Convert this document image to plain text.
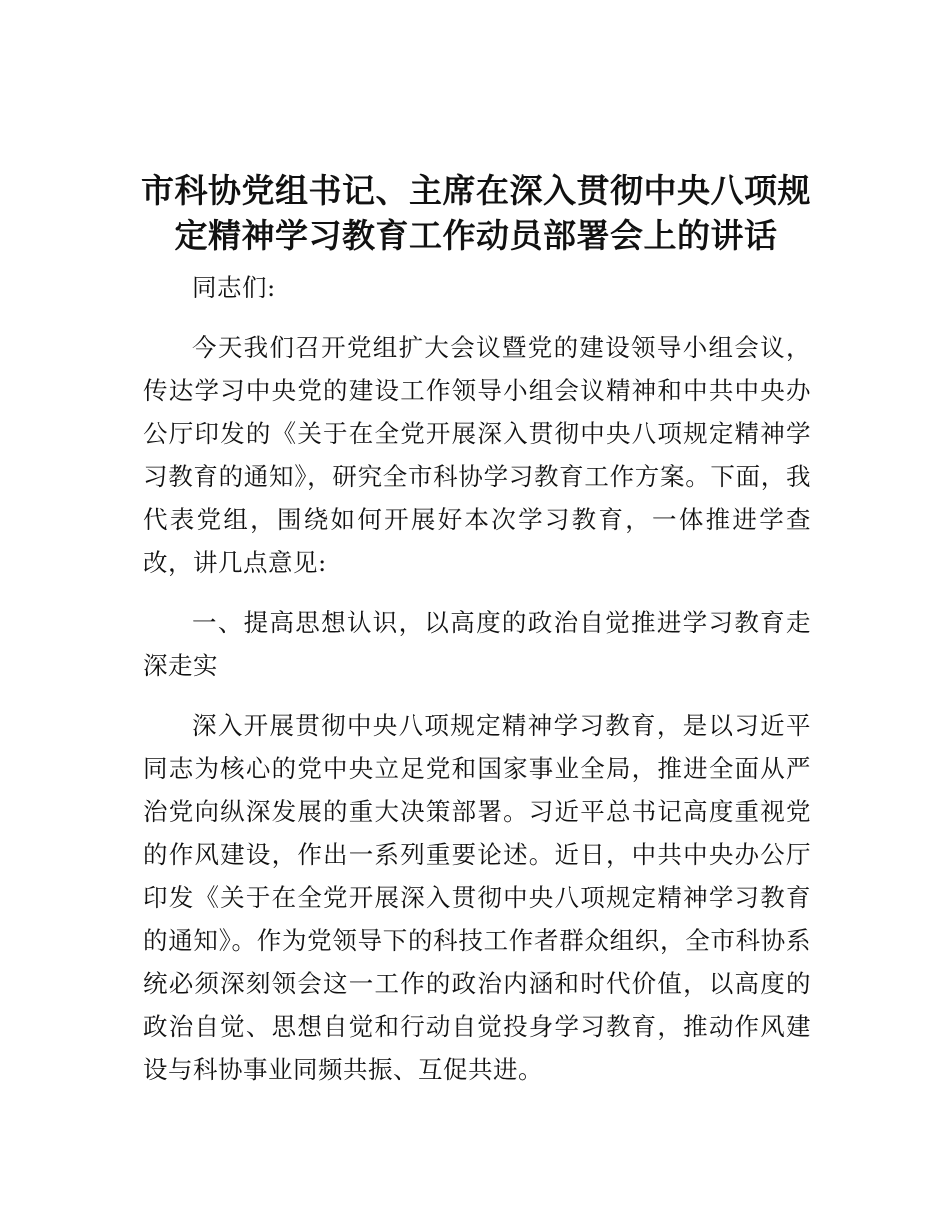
市科协党组书记、主席在深入贯彻中央八项规定精神学习教育工作动员部署会上的讲话

同志们:

今天我们召开党组扩大会议暨党的建设领导小组会议，传达学习中央党的建设工作领导小组会议精神和中共中央办公厅印发的《关于在全党开展深入贯彻中央八项规定精神学习教育的通知》，研究全市科协学习教育工作方案。下面，我代表党组，围绕如何开展好本次学习教育，一体推进学查改，讲几点意见:

一、提高思想认识，以高度的政治自觉推进学习教育走深走实

深入开展贯彻中央八项规定精神学习教育，是以习近平同志为核心的党中央立足党和国家事业全局，推进全面从严治党向纵深发展的重大决策部署。习近平总书记高度重视党的作风建设，作出一系列重要论述。近日，中共中央办公厅印发《关于在全党开展深入贯彻中央八项规定精神学习教育的通知》。作为党领导下的科技工作者群众组织，全市科协系统必须深刻领会这一工作的政治内涵和时代价值，以高度的政治自觉、思想自觉和行动自觉投身学习教育，推动作风建设与科协事业同频共振、互促共进。
